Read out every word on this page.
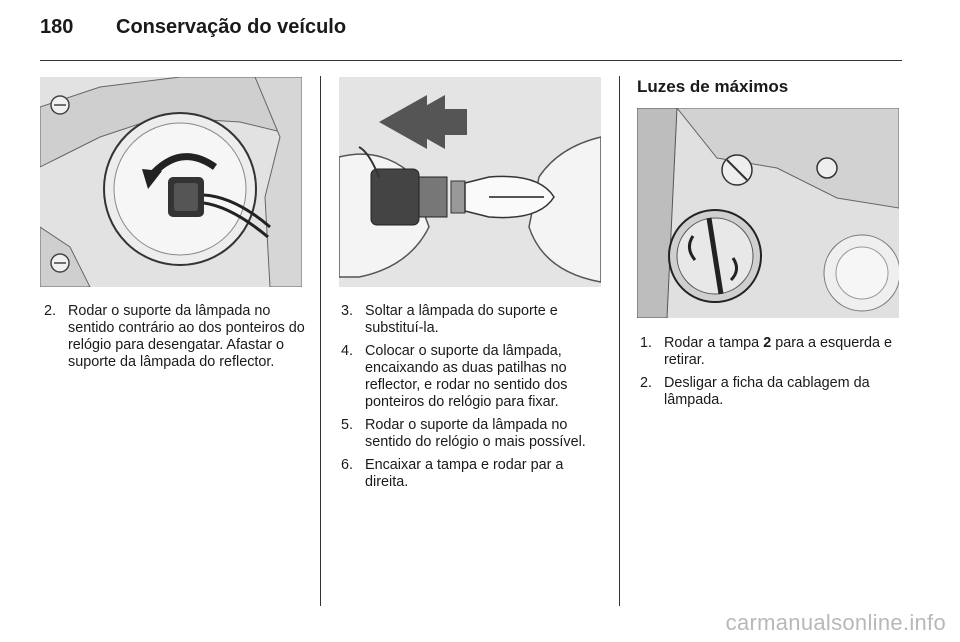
180	Conservação do veículo
2. Rodar o suporte da lâmpada no sentido contrário ao dos ponteiros do relógio para desengatar. Afastar o suporte da lâmpada do reflector.
3. Soltar a lâmpada do suporte e substituí-la.
4. Colocar o suporte da lâmpada, encaixando as duas patilhas no reflector, e rodar no sentido dos ponteiros do relógio para fixar.
5. Rodar o suporte da lâmpada no sentido do relógio o mais possível.
6. Encaixar a tampa e rodar par a direita.
Luzes de máximos
1. Rodar a tampa 2 para a esquerda e retirar.
2. Desligar a ficha da cablagem da lâmpada.
carmanualsonline.info
